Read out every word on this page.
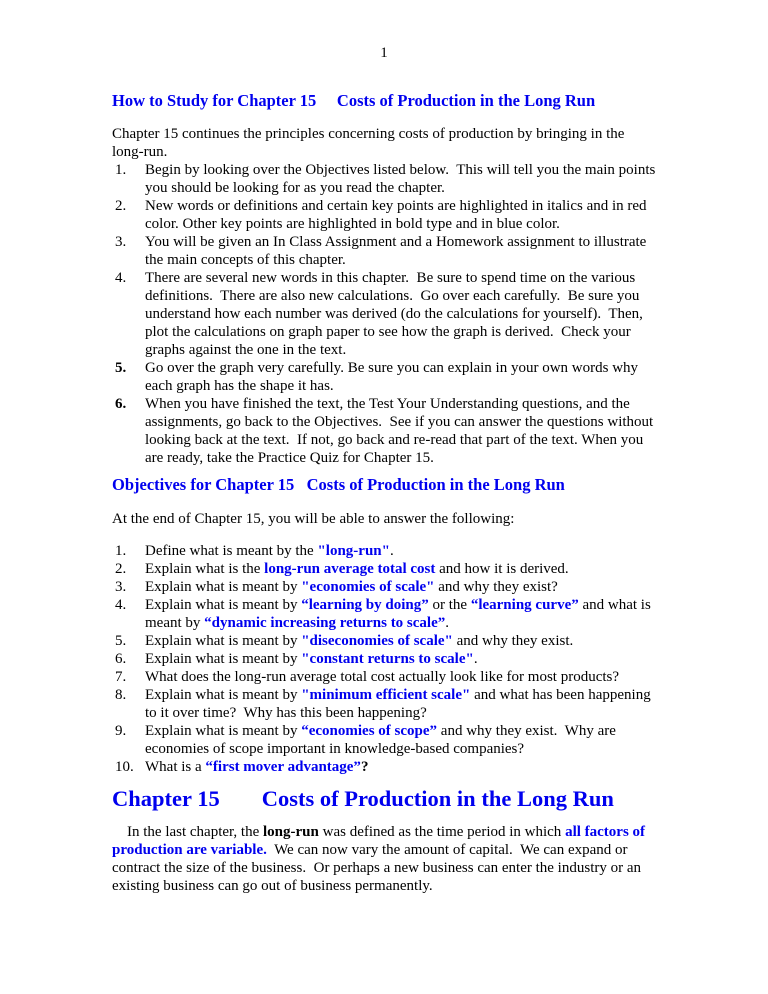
1
How to Study for Chapter 15     Costs of Production in the Long Run
Chapter 15 continues the principles concerning costs of production by bringing in the long-run.
1. Begin by looking over the Objectives listed below.  This will tell you the main points you should be looking for as you read the chapter.
2. New words or definitions and certain key points are highlighted in italics and in red color. Other key points are highlighted in bold type and in blue color.
3. You will be given an In Class Assignment and a Homework assignment to illustrate the main concepts of this chapter.
4. There are several new words in this chapter.  Be sure to spend time on the various definitions.  There are also new calculations.  Go over each carefully.  Be sure you understand how each number was derived (do the calculations for yourself).  Then, plot the calculations on graph paper to see how the graph is derived.  Check your graphs against the one in the text.
5. Go over the graph very carefully. Be sure you can explain in your own words why each graph has the shape it has.
6. When you have finished the text, the Test Your Understanding questions, and the assignments, go back to the Objectives.  See if you can answer the questions without looking back at the text.  If not, go back and re-read that part of the text. When you are ready, take the Practice Quiz for Chapter 15.
Objectives for Chapter 15   Costs of Production in the Long Run
At the end of Chapter 15, you will be able to answer the following:
1. Define what is meant by the "long-run".
2. Explain what is the long-run average total cost and how it is derived.
3. Explain what is meant by "economies of scale" and why they exist?
4. Explain what is meant by “learning by doing” or the “learning curve” and what is meant by “dynamic increasing returns to scale”.
5. Explain what is meant by "diseconomies of scale" and why they exist.
6. Explain what is meant by "constant returns to scale".
7. What does the long-run average total cost actually look like for most products?
8. Explain what is meant by "minimum efficient scale" and what has been happening to it over time?  Why has this been happening?
9. Explain what is meant by “economies of scope” and why they exist.  Why are economies of scope important in knowledge-based companies?
10. What is a “first mover advantage”?
Chapter 15 Costs of Production in the Long Run
In the last chapter, the long-run was defined as the time period in which all factors of production are variable.  We can now vary the amount of capital.  We can expand or contract the size of the business.  Or perhaps a new business can enter the industry or an existing business can go out of business permanently.
